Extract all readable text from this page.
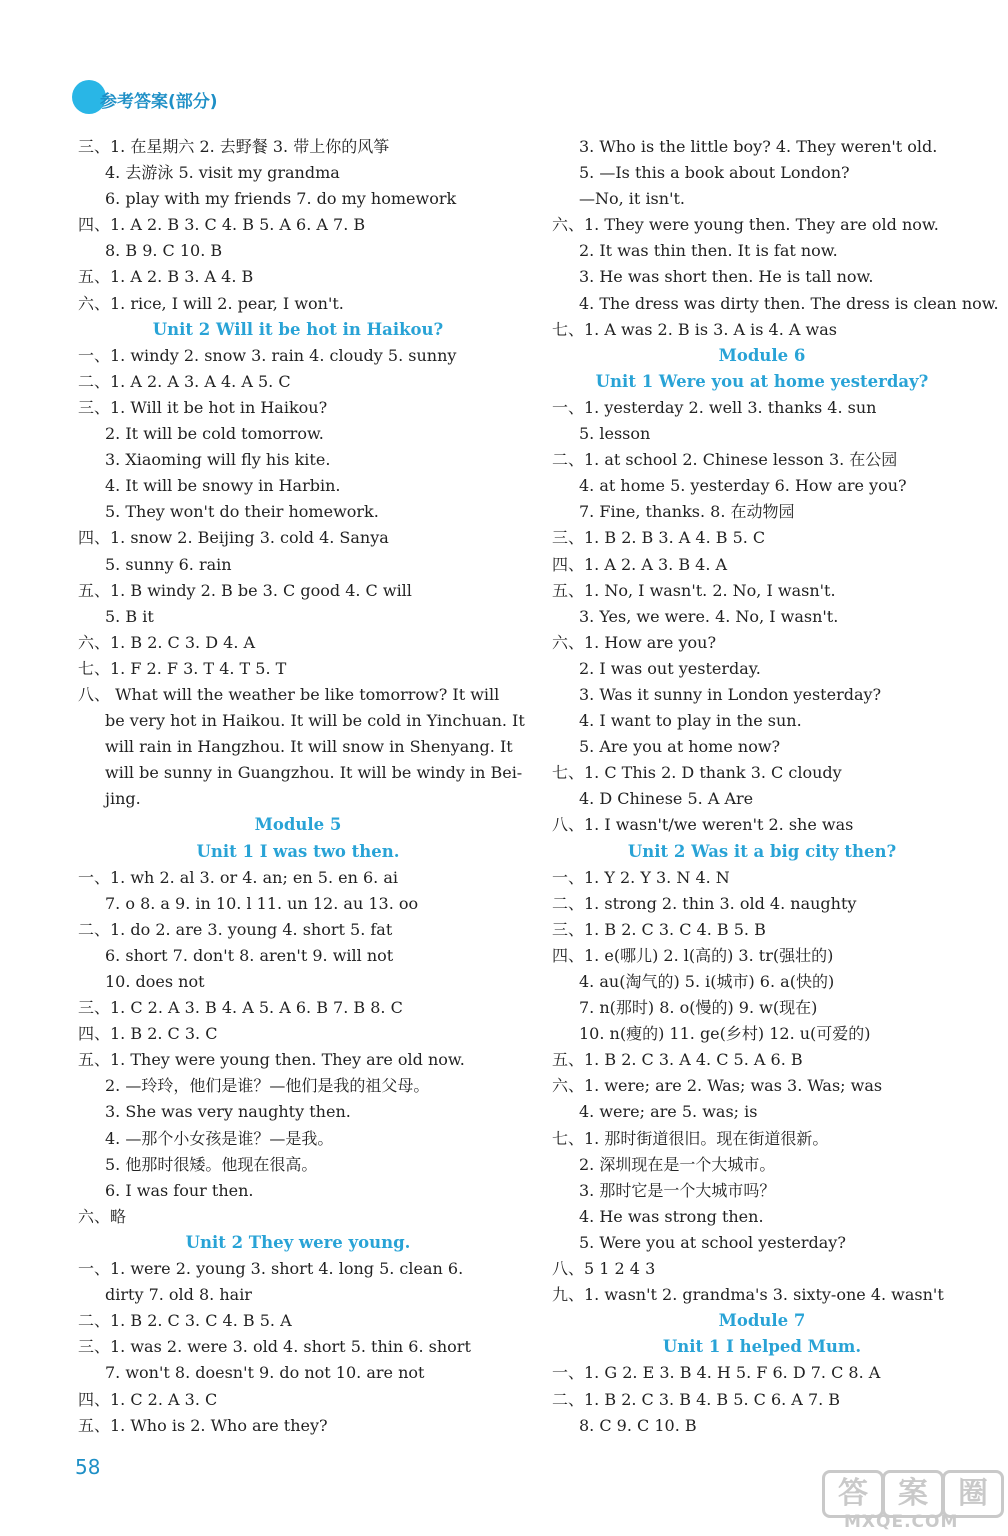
参考答案(部分)
三、1. 在星期六 2. 去野餐 3. 带上你的风筝
4. 去游泳 5. visit my grandma
6. play with my friends 7. do my homework
四、1. A 2. B 3. C 4. B 5. A 6. A 7. B
8. B 9. C 10. B
五、1. A 2. B 3. A 4. B
六、1. rice, I will 2. pear, I won't.
Unit 2 Will it be hot in Haikou?
一、1. windy 2. snow 3. rain 4. cloudy 5. sunny
二、1. A 2. A 3. A 4. A 5. C
三、1. Will it be hot in Haikou?
2. It will be cold tomorrow.
3. Xiaoming will fly his kite.
4. It will be snowy in Harbin.
5. They won't do their homework.
四、1. snow 2. Beijing 3. cold 4. Sanya
5. sunny 6. rain
五、1. B windy 2. B be 3. C good 4. C will
5. B it
六、1. B 2. C 3. D 4. A
七、1. F 2. F 3. T 4. T 5. T
八、 What will the weather be like tomorrow? It will
be very hot in Haikou. It will be cold in Yinchuan. It
will rain in Hangzhou. It will snow in Shenyang. It
will be sunny in Guangzhou. It will be windy in Bei-
jing.
Module 5
Unit 1 I was two then.
一、1. wh 2. al 3. or 4. an; en 5. en 6. ai
7. o 8. a 9. in 10. l 11. un 12. au 13. oo
二、1. do 2. are 3. young 4. short 5. fat
6. short 7. don't 8. aren't 9. will not
10. does not
三、1. C 2. A 3. B 4. A 5. A 6. B 7. B 8. C
四、1. B 2. C 3. C
五、1. They were young then. They are old now.
2. —玲玲，他们是谁？—他们是我的祖父母。
3. She was very naughty then.
4. —那个小女孩是谁？—是我。
5. 他那时很矮。他现在很高。
6. I was four then.
六、略
Unit 2 They were young.
一、1. were 2. young 3. short 4. long 5. clean 6.
dirty 7. old 8. hair
二、1. B 2. C 3. C 4. B 5. A
三、1. was 2. were 3. old 4. short 5. thin 6. short
7. won't 8. doesn't 9. do not 10. are not
四、1. C 2. A 3. C
五、1. Who is 2. Who are they?
3. Who is the little boy? 4. They weren't old.
5. —Is this a book about London?
—No, it isn't.
六、1. They were young then. They are old now.
2. It was thin then. It is fat now.
3. He was short then. He is tall now.
4. The dress was dirty then. The dress is clean now.
七、1. A was 2. B is 3. A is 4. A was
Module 6
Unit 1 Were you at home yesterday?
一、1. yesterday 2. well 3. thanks 4. sun
5. lesson
二、1. at school 2. Chinese lesson 3. 在公园
4. at home 5. yesterday 6. How are you?
7. Fine, thanks. 8. 在动物园
三、1. B 2. B 3. A 4. B 5. C
四、1. A 2. A 3. B 4. A
五、1. No, I wasn't. 2. No, I wasn't.
3. Yes, we were. 4. No, I wasn't.
六、1. How are you?
2. I was out yesterday.
3. Was it sunny in London yesterday?
4. I want to play in the sun.
5. Are you at home now?
七、1. C This 2. D thank 3. C cloudy
4. D Chinese 5. A Are
八、1. I wasn't/we weren't 2. she was
Unit 2 Was it a big city then?
一、1. Y 2. Y 3. N 4. N
二、1. strong 2. thin 3. old 4. naughty
三、1. B 2. C 3. C 4. B 5. B
四、1. e(哪儿) 2. l(高的) 3. tr(强壮的)
4. au(淘气的) 5. i(城市) 6. a(快的)
7. n(那时) 8. o(慢的) 9. w(现在)
10. n(瘦的) 11. ge(乡村) 12. u(可爱的)
五、1. B 2. C 3. A 4. C 5. A 6. B
六、1. were; are 2. Was; was 3. Was; was
4. were; are 5. was; is
七、1. 那时街道很旧。现在街道很新。
2. 深圳现在是一个大城市。
3. 那时它是一个大城市吗？
4. He was strong then.
5. Were you at school yesterday?
八、5 1 2 4 3
九、1. wasn't 2. grandma's 3. sixty-one 4. wasn't
Module 7
Unit 1 I helped Mum.
一、1. G 2. E 3. B 4. H 5. F 6. D 7. C 8. A
二、1. B 2. C 3. B 4. B 5. C 6. A 7. B
8. C 9. C 10. B
58
答	案	圈
MXQE.COM
